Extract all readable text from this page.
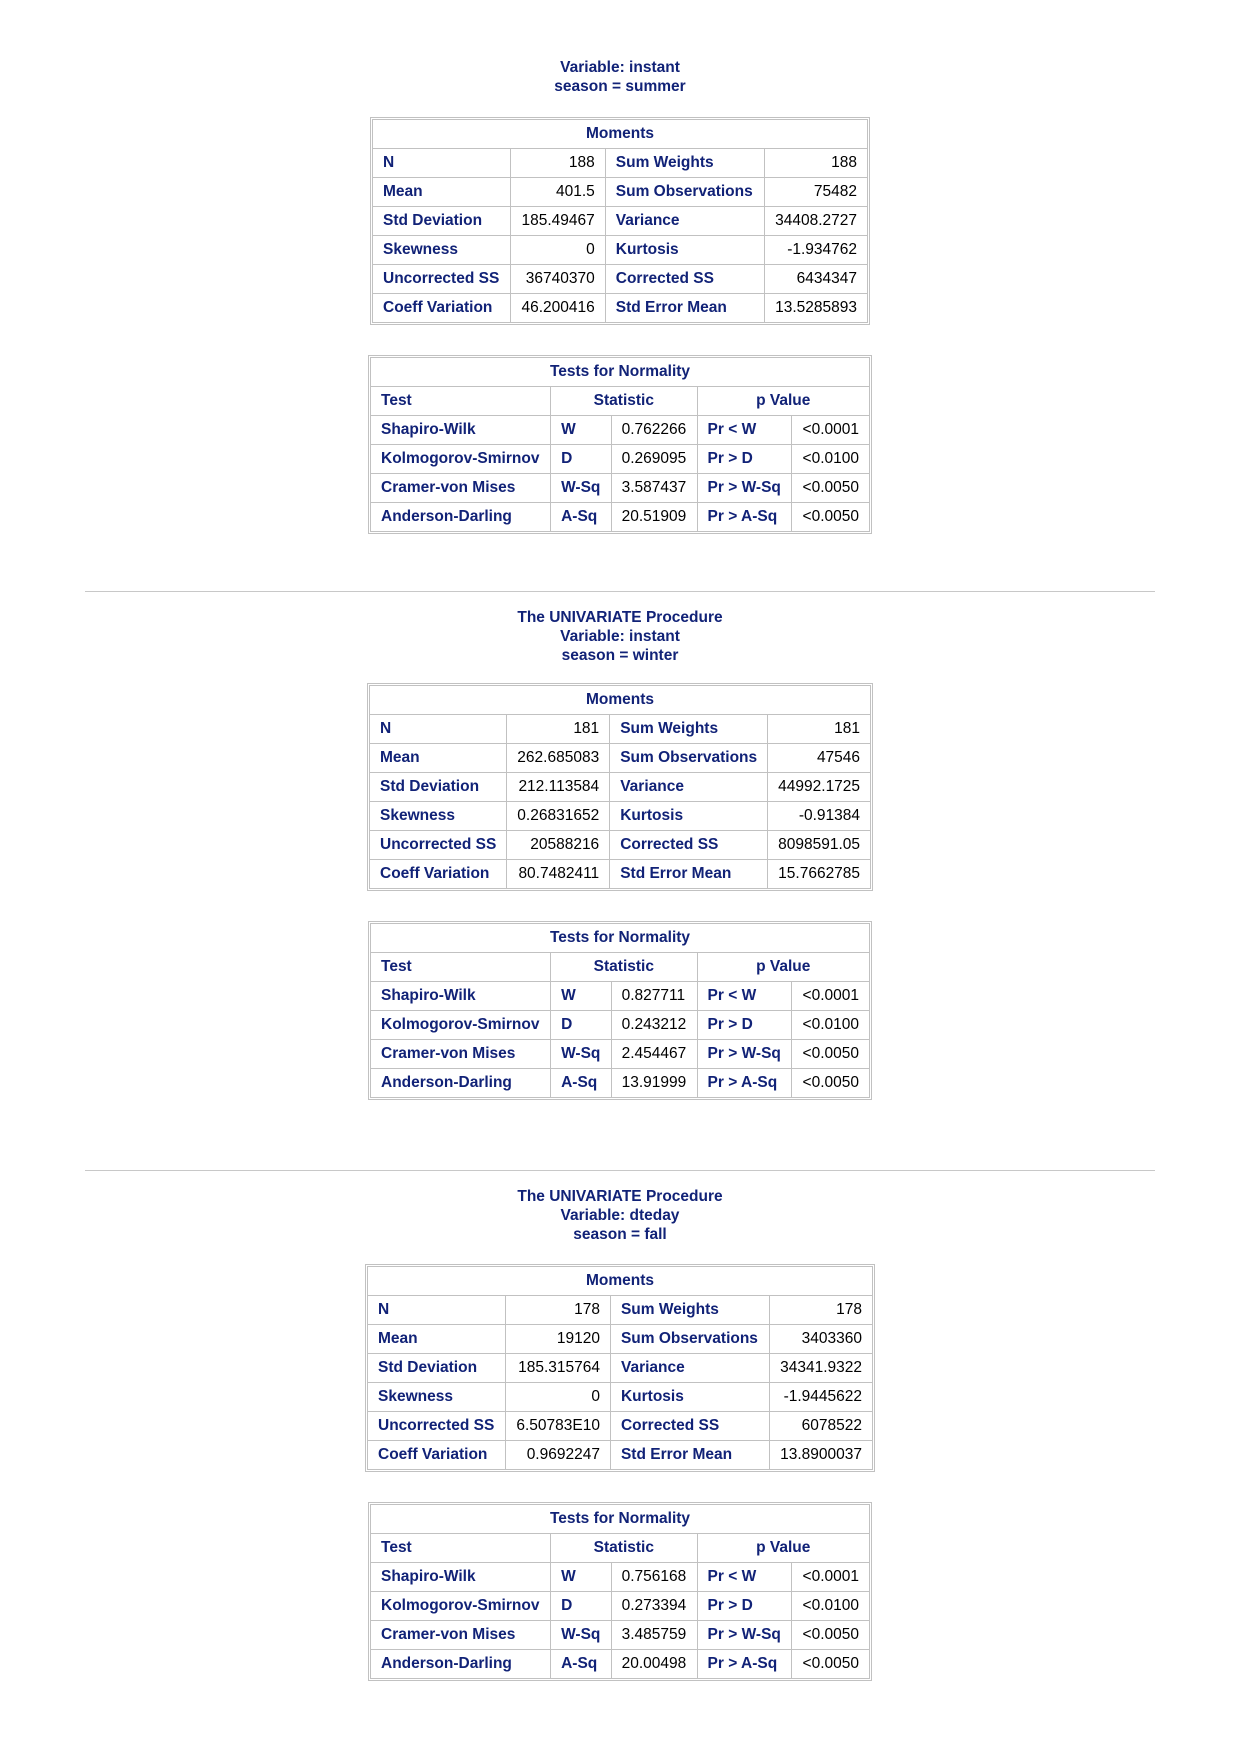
Variable: instant
season = summer
Moments			
N	188	Sum Weights	188
Mean	401.5	Sum Observations	75482
Std Deviation	185.49467	Variance	34408.2727
Skewness	0	Kurtosis	-1.934762
Uncorrected SS	36740370	Corrected SS	6434347
Coeff Variation	46.200416	Std Error Mean	13.5285893
Tests for Normality				
Test	Statistic		p Value	
Shapiro-Wilk	W	0.762266	Pr < W	<0.0001
Kolmogorov-Smirnov	D	0.269095	Pr > D	<0.0100
Cramer-von Mises	W-Sq	3.587437	Pr > W-Sq	<0.0050
Anderson-Darling	A-Sq	20.51909	Pr > A-Sq	<0.0050
The UNIVARIATE Procedure
Variable: instant
season = winter
Moments			
N	181	Sum Weights	181
Mean	262.685083	Sum Observations	47546
Std Deviation	212.113584	Variance	44992.1725
Skewness	0.26831652	Kurtosis	-0.91384
Uncorrected SS	20588216	Corrected SS	8098591.05
Coeff Variation	80.7482411	Std Error Mean	15.7662785
Tests for Normality				
Test	Statistic		p Value	
Shapiro-Wilk	W	0.827711	Pr < W	<0.0001
Kolmogorov-Smirnov	D	0.243212	Pr > D	<0.0100
Cramer-von Mises	W-Sq	2.454467	Pr > W-Sq	<0.0050
Anderson-Darling	A-Sq	13.91999	Pr > A-Sq	<0.0050
The UNIVARIATE Procedure
Variable: dteday
season = fall
Moments			
N	178	Sum Weights	178
Mean	19120	Sum Observations	3403360
Std Deviation	185.315764	Variance	34341.9322
Skewness	0	Kurtosis	-1.9445622
Uncorrected SS	6.50783E10	Corrected SS	6078522
Coeff Variation	0.9692247	Std Error Mean	13.8900037
Tests for Normality				
Test	Statistic		p Value	
Shapiro-Wilk	W	0.756168	Pr < W	<0.0001
Kolmogorov-Smirnov	D	0.273394	Pr > D	<0.0100
Cramer-von Mises	W-Sq	3.485759	Pr > W-Sq	<0.0050
Anderson-Darling	A-Sq	20.00498	Pr > A-Sq	<0.0050
